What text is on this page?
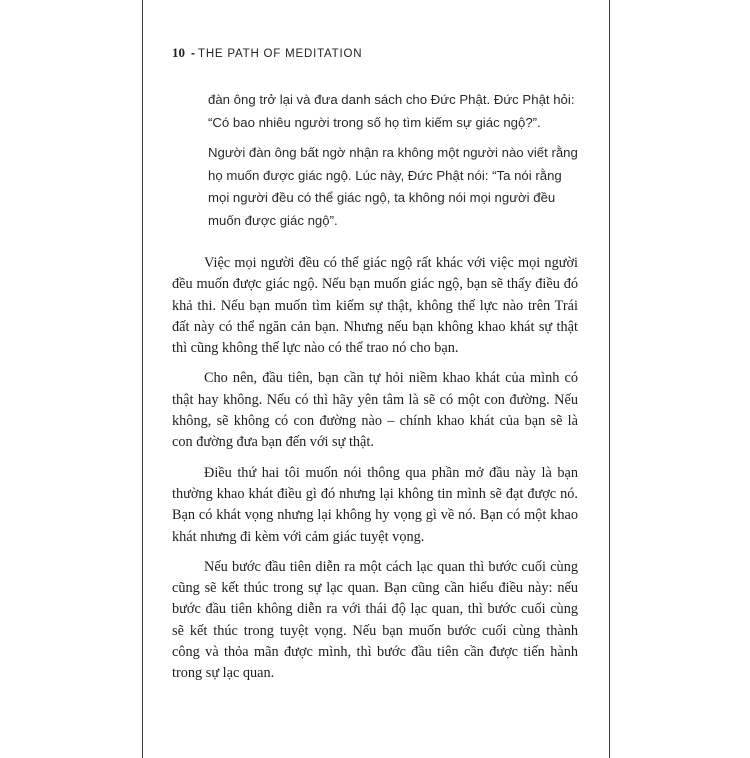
10 - THE PATH OF MEDITATION

đàn ông trở lại và đưa danh sách cho Đức Phật. Đức Phật hỏi: “Có bao nhiêu người trong số họ tìm kiếm sự giác ngộ?”.

Người đàn ông bất ngờ nhận ra không một người nào viết rằng họ muốn được giác ngộ. Lúc này, Đức Phật nói: “Ta nói rằng mọi người đều có thể giác ngộ, ta không nói mọi người đều muốn được giác ngộ”.

Việc mọi người đều có thể giác ngộ rất khác với việc mọi người đều muốn được giác ngộ. Nếu bạn muốn giác ngộ, bạn sẽ thấy điều đó khả thi. Nếu bạn muốn tìm kiếm sự thật, không thế lực nào trên Trái đất này có thể ngăn cản bạn. Nhưng nếu bạn không khao khát sự thật thì cũng không thế lực nào có thể trao nó cho bạn.

Cho nên, đầu tiên, bạn cần tự hỏi niềm khao khát của mình có thật hay không. Nếu có thì hãy yên tâm là sẽ có một con đường. Nếu không, sẽ không có con đường nào – chính khao khát của bạn sẽ là con đường đưa bạn đến với sự thật.

Điều thứ hai tôi muốn nói thông qua phần mở đầu này là bạn thường khao khát điều gì đó nhưng lại không tin mình sẽ đạt được nó. Bạn có khát vọng nhưng lại không hy vọng gì về nó. Bạn có một khao khát nhưng đi kèm với cảm giác tuyệt vọng.

Nếu bước đầu tiên diễn ra một cách lạc quan thì bước cuối cùng cũng sẽ kết thúc trong sự lạc quan. Bạn cũng cần hiểu điều này: nếu bước đầu tiên không diễn ra với thái độ lạc quan, thì bước cuối cùng sẽ kết thúc trong tuyệt vọng. Nếu bạn muốn bước cuối cùng thành công và thỏa mãn được mình, thì bước đầu tiên cần được tiến hành trong sự lạc quan.
